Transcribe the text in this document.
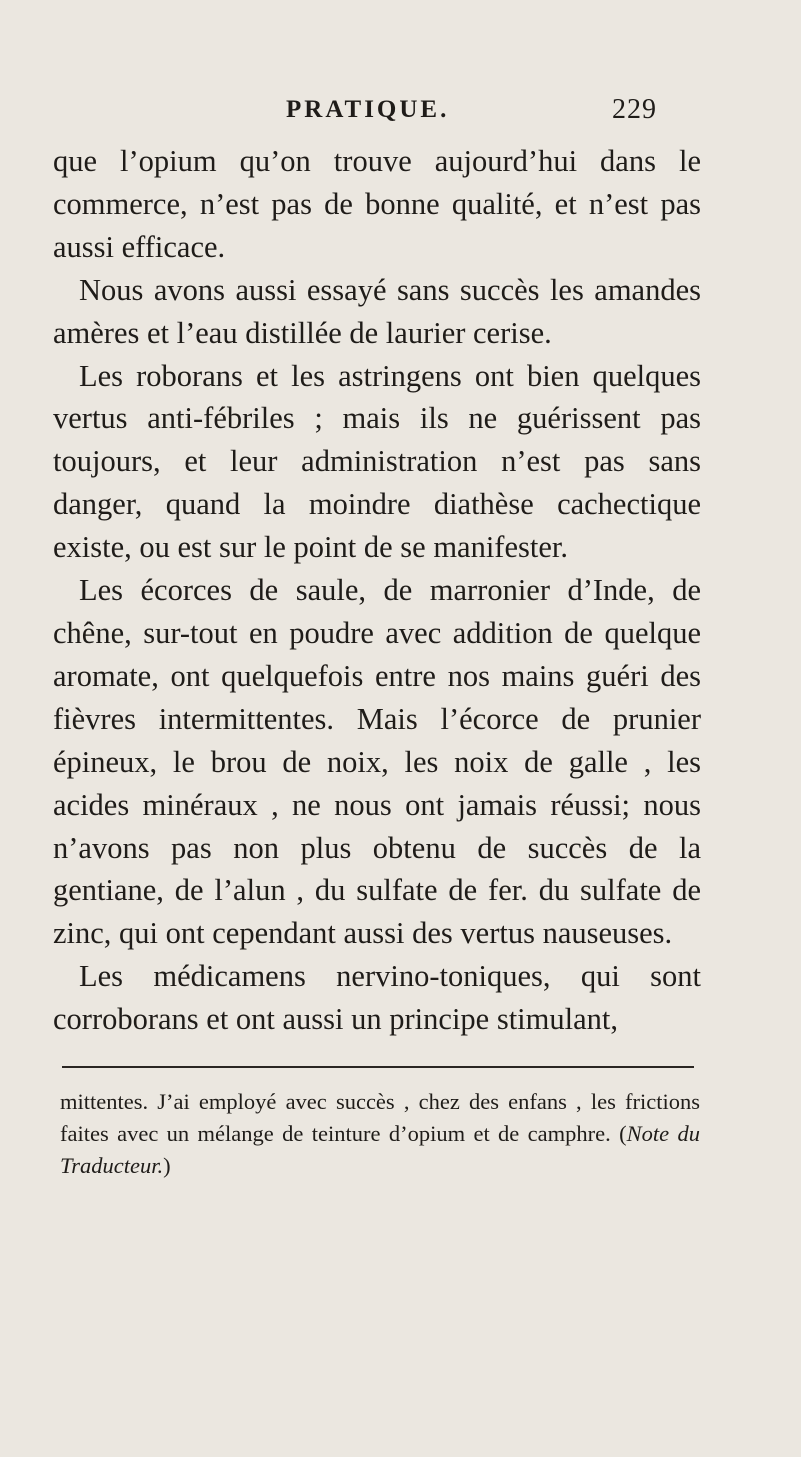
PRATIQUE.	229

que l’opium qu’on trouve aujourd’hui dans le commerce, n’est pas de bonne qualité, et n’est pas aussi efficace.

Nous avons aussi essayé sans succès les amandes amères et l’eau distillée de laurier cerise.

Les roborans et les astringens ont bien quelques vertus anti-fébriles ; mais ils ne guérissent pas toujours, et leur administration n’est pas sans danger, quand la moindre diathèse cachectique existe, ou est sur le point de se manifester.

Les écorces de saule, de marronier d’Inde, de chêne, sur-tout en poudre avec addition de quelque aromate, ont quelquefois entre nos mains guéri des fièvres intermittentes. Mais l’écorce de prunier épineux, le brou de noix, les noix de galle , les acides minéraux , ne nous ont jamais réussi; nous n’avons pas non plus obtenu de succès de la gentiane, de l’alun , du sulfate de fer. du sulfate de zinc, qui ont cependant aussi des vertus nauseuses.

Les médicamens nervino-toniques, qui sont corroborans et ont aussi un principe stimulant,

mittentes. J’ai employé avec succès , chez des enfans , les frictions faites avec un mélange de teinture d’opium et de camphre. (Note du Traducteur.)
